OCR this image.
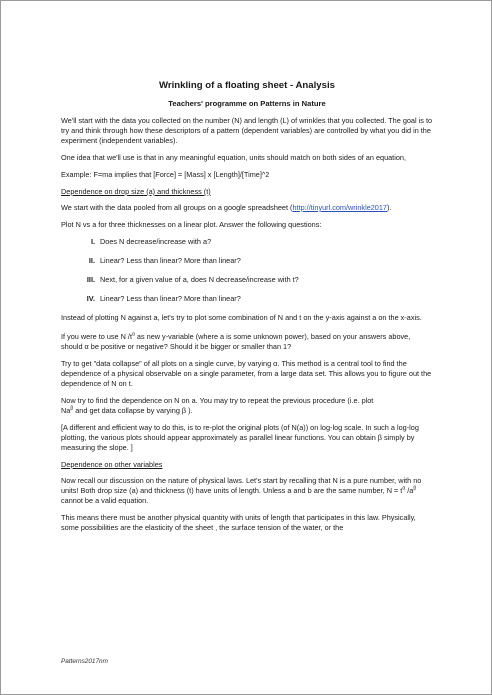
Wrinkling of a floating sheet - Analysis
Teachers' programme on Patterns in Nature

We'll start with the data you collected on the number (N) and length (L) of wrinkles that you collected. The goal is to try and think through how these descriptors of a pattern (dependent variables) are controlled by what you did in the experiment (independent variables).

One idea that we'll use is that in any meaningful equation, units should match on both sides of an equation,

Example: F=ma implies that [Force] = [Mass] x [Length]/[Time]^2

Dependence on drop size (a) and thickness (t)

We start with the data pooled from all groups on a google spreadsheet (http://tinyurl.com/wrinkle2017).

Plot N vs a for three thicknesses on a linear plot. Answer the following questions:

I. Does N decrease/increase with a?
II. Linear? Less than linear? More than linear?
III. Next, for a given value of a, does N decrease/increase with t?
IV. Linear? Less than linear? More than linear?

Instead of plotting N against a, let's try to plot some combination of N and t on the y-axis against a on the x-axis.

If you were to use N $/t^\alpha$ as new y-variable (where a is some unknown power), based on your answers above, should α be positive or negative? Should it be bigger or smaller than 1?

Try to get "data collapse" of all plots on a single curve, by varying α. This method is a central tool to find the dependence of a physical observable on a single parameter, from a large data set. This allows you to figure out the dependence of N on t.

Now try to find the dependence on N on a. You may try to repeat the previous procedure (i.e. plot
$Na^\beta$ and get data collapse by varying β ).

[A different and efficient way to do this, is to re-plot the original plots (of N(a)) on log-log scale. In such a log-log plotting, the various plots should appear approximately as parallel linear functions. You can obtain β simply by measuring the slope. ]

Dependence on other variables

Now recall our discussion on the nature of physical laws. Let's start by recalling that N is a pure number, with no units! Both drop size (a) and thickness (t) have units of length. Unless a and b are the same number, $N = t^\alpha$ $/a^\beta$ cannot be a valid equation.

This means there must be another physical quantity with units of length that participates in this law. Physically, some possibilities are the elasticity of the sheet , the surface tension of the water, or the

Patterns2017nm
